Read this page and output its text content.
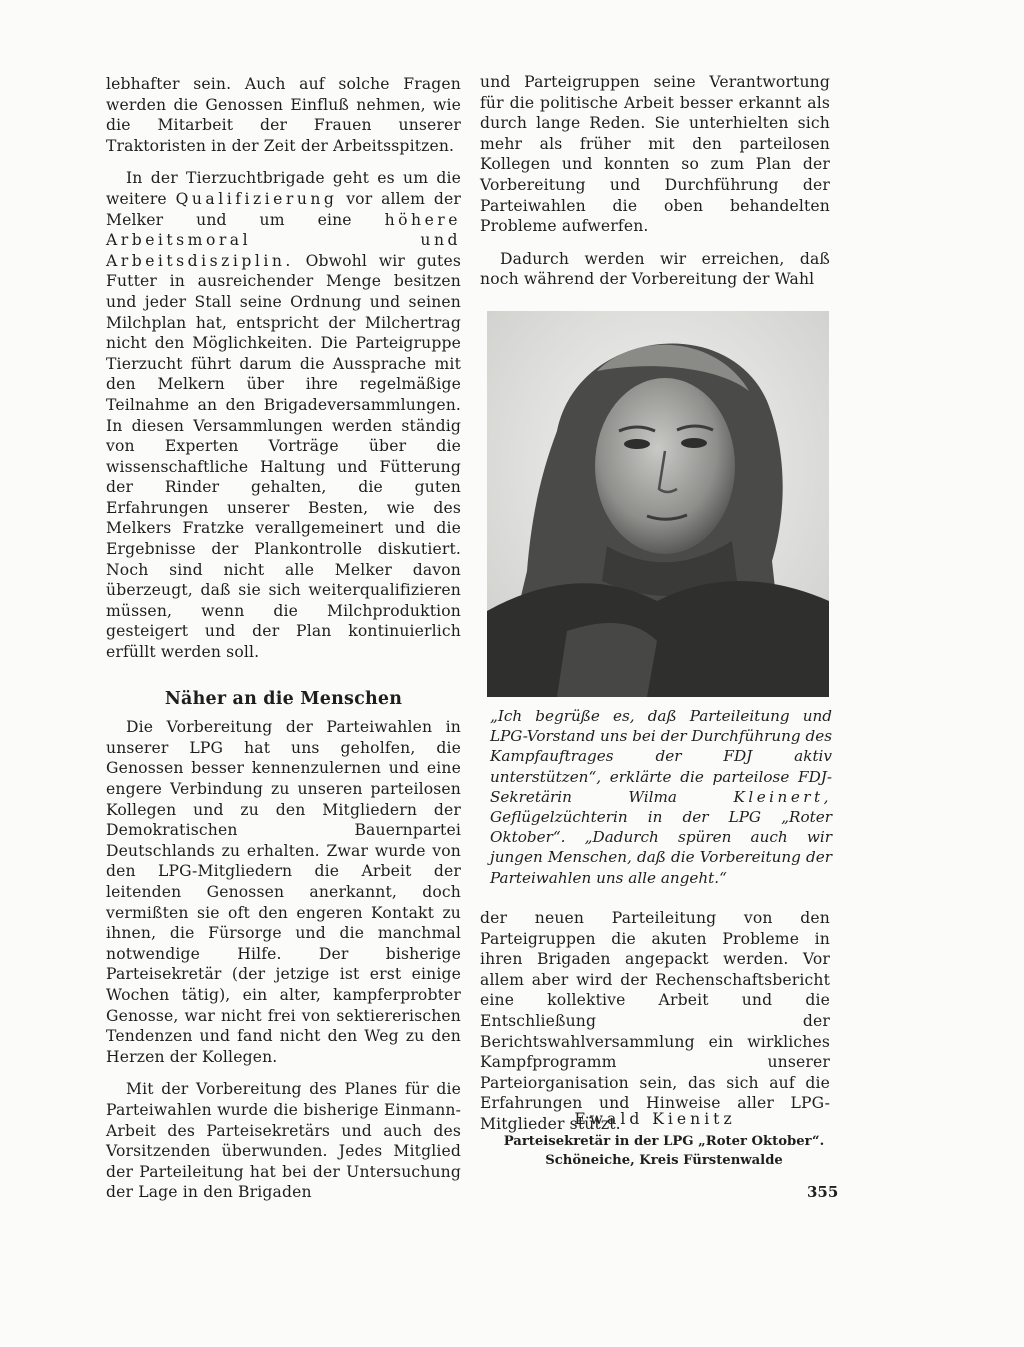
lebhafter sein. Auch auf solche Fragen werden die Genossen Einfluß nehmen, wie die Mitarbeit der Frauen unserer Traktoristen in der Zeit der Arbeitsspitzen.

In der Tierzuchtbrigade geht es um die weitere Qualifizierung vor allem der Melker und um eine höhere Arbeitsmoral und Arbeitsdisziplin. Obwohl wir gutes Futter in ausreichender Menge besitzen und jeder Stall seine Ordnung und seinen Milchplan hat, entspricht der Milchertrag nicht den Möglichkeiten. Die Parteigruppe Tierzucht führt darum die Aussprache mit den Melkern über ihre regelmäßige Teilnahme an den Brigadeversammlungen. In diesen Versammlungen werden ständig von Experten Vorträge über die wissenschaftliche Haltung und Fütterung der Rinder gehalten, die guten Erfahrungen unserer Besten, wie des Melkers Fratzke verallgemeinert und die Ergebnisse der Plankontrolle diskutiert. Noch sind nicht alle Melker davon überzeugt, daß sie sich weiterqualifizieren müssen, wenn die Milchproduktion gesteigert und der Plan kontinuierlich erfüllt werden soll.

Näher an die Menschen

Die Vorbereitung der Parteiwahlen in unserer LPG hat uns geholfen, die Genossen besser kennenzulernen und eine engere Verbindung zu unseren parteilosen Kollegen und zu den Mitgliedern der Demokratischen Bauernpartei Deutschlands zu erhalten. Zwar wurde von den LPG-Mitgliedern die Arbeit der leitenden Genossen anerkannt, doch vermißten sie oft den engeren Kontakt zu ihnen, die Fürsorge und die manchmal notwendige Hilfe. Der bisherige Parteisekretär (der jetzige ist erst einige Wochen tätig), ein alter, kampferprobter Genosse, war nicht frei von sektiererischen Tendenzen und fand nicht den Weg zu den Herzen der Kollegen.

Mit der Vorbereitung des Planes für die Parteiwahlen wurde die bisherige Einmann-Arbeit des Parteisekretärs und auch des Vorsitzenden überwunden. Jedes Mitglied der Parteileitung hat bei der Untersuchung der Lage in den Brigaden

und Parteigruppen seine Verantwortung für die politische Arbeit besser erkannt als durch lange Reden. Sie unterhielten sich mehr als früher mit den parteilosen Kollegen und konnten so zum Plan der Vorbereitung und Durchführung der Parteiwahlen die oben behandelten Probleme aufwerfen.

Dadurch werden wir erreichen, daß noch während der Vorbereitung der Wahl

„Ich begrüße es, daß Parteileitung und LPG-Vorstand uns bei der Durchführung des Kampfauftrages der FDJ aktiv unterstützen“, erklärte die parteilose FDJ-Sekretärin Wilma	Kleinert, Geflügelzüchterin in der LPG „Roter Oktober“. „Dadurch spüren auch wir jungen Menschen, daß die Vorbereitung der Parteiwahlen uns alle angeht.“

der neuen Parteileitung von den Parteigruppen die akuten Probleme in ihren Brigaden angepackt werden. Vor allem aber wird der Rechenschaftsbericht eine kollektive Arbeit und die Entschließung der Berichtswahlversammlung ein wirkliches Kampfprogramm unserer Parteiorganisation sein, das sich auf die Erfahrungen und Hinweise aller LPG-Mitglieder stützt.

Ewald Kienitz
Parteisekretär in der LPG „Roter Oktober“.
Schöneiche, Kreis Fürstenwalde
355
